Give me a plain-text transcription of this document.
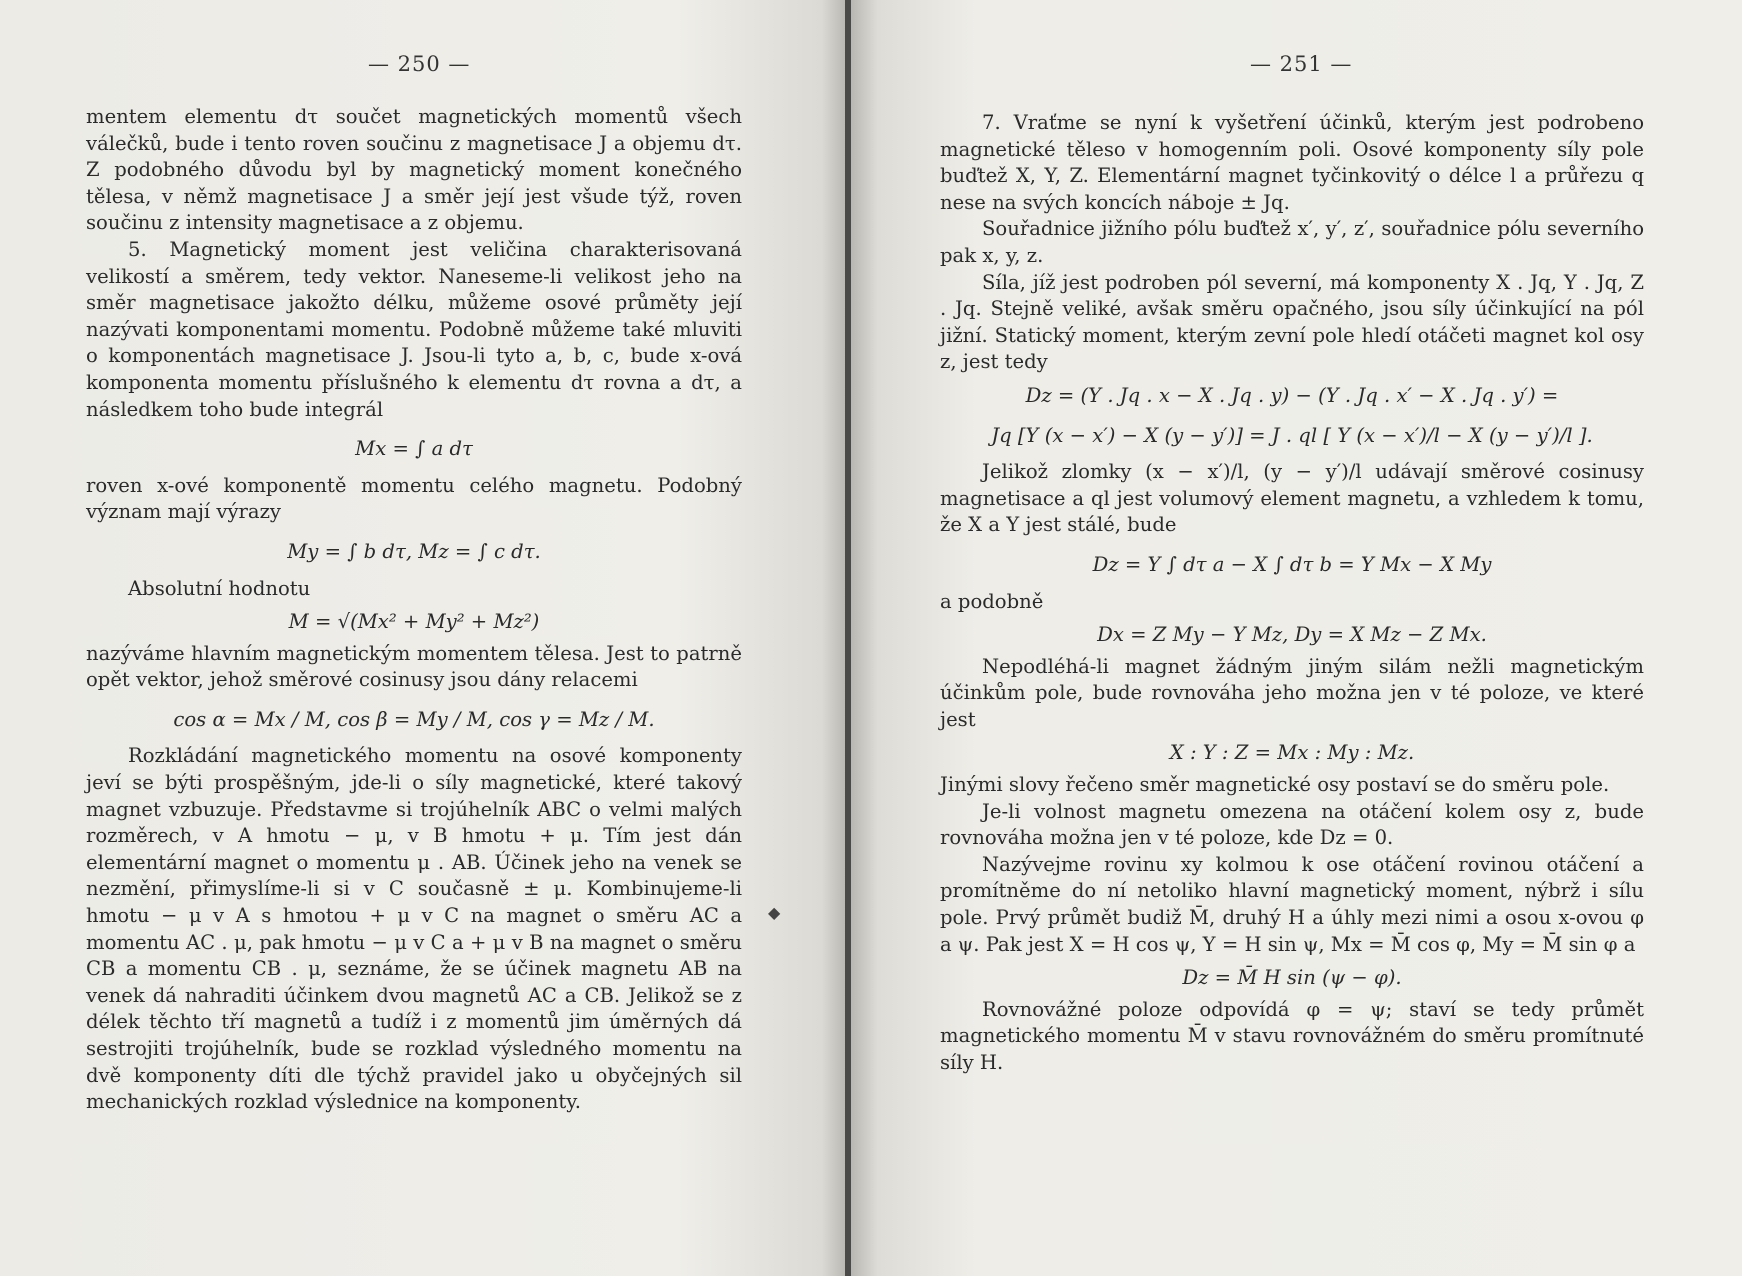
— 250 —

mentem elementu dτ součet magnetických momentů všech válečků, bude i tento roven součinu z magnetisace J a objemu dτ. Z podobného důvodu byl by magnetický moment konečného tělesa, v němž magnetisace J a směr její jest všude týž, roven součinu z intensity magnetisace a z objemu.

5. Magnetický moment jest veličina charakterisovaná velikostí a směrem, tedy vektor. Naneseme-li velikost jeho na směr magnetisace jakožto délku, můžeme osové průměty její nazývati komponentami momentu. Podobně můžeme také mluviti o komponentách magnetisace J. Jsou-li tyto a, b, c, bude x-ová komponenta momentu příslušného k elementu dτ rovna a dτ, a následkem toho bude integrál

Mx = ∫ a dτ

roven x-ové komponentě momentu celého magnetu. Podobný význam mají výrazy

My = ∫ b dτ, Mz = ∫ c dτ.

Absolutní hodnotu

M = √(Mx² + My² + Mz²)

nazýváme hlavním magnetickým momentem tělesa. Jest to patrně opět vektor, jehož směrové cosinusy jsou dány relacemi

cos α = Mx / M, cos β = My / M, cos γ = Mz / M.

Rozkládání magnetického momentu na osové komponenty jeví se býti prospěšným, jde-li o síly magnetické, které takový magnet vzbuzuje. Představme si trojúhelník ABC o velmi malých rozměrech, v A hmotu − μ, v B hmotu + μ. Tím jest dán elementární magnet o momentu μ . AB. Účinek jeho na venek se nezmění, přimyslíme-li si v C současně ± μ. Kombinujeme-li hmotu − μ v A s hmotou + μ v C na magnet o směru AC a momentu AC . μ, pak hmotu − μ v C a + μ v B na magnet o směru CB a momentu CB . μ, seznáme, že se účinek magnetu AB na venek dá nahraditi účinkem dvou magnetů AC a CB. Jelikož se z délek těchto tří magnetů a tudíž i z momentů jim úměrných dá sestrojiti trojúhelník, bude se rozklad výsledného momentu na dvě komponenty díti dle týchž pravidel jako u obyčejných sil mechanických rozklad výslednice na komponenty.

◆
— 251 —

7. Vraťme se nyní k vyšetření účinků, kterým jest podrobeno magnetické těleso v homogenním poli. Osové komponenty síly pole buďtež X, Y, Z. Elementární magnet tyčinkovitý o délce l a průřezu q nese na svých koncích náboje ± Jq.

Souřadnice jižního pólu buďtež x′, y′, z′, souřadnice pólu severního pak x, y, z.

Síla, jíž jest podroben pól severní, má komponenty X . Jq, Y . Jq, Z . Jq. Stejně veliké, avšak směru opačného, jsou síly účinkující na pól jižní. Statický moment, kterým zevní pole hledí otáčeti magnet kol osy z, jest tedy

Dz = (Y . Jq . x − X . Jq . y) − (Y . Jq . x′ − X . Jq . y′) =

Jq [Y (x − x′) − X (y − y′)] = J . ql [ Y (x − x′)/l − X (y − y′)/l ].

Jelikož zlomky (x − x′)/l, (y − y′)/l udávají směrové cosinusy magnetisace a ql jest volumový element magnetu, a vzhledem k tomu, že X a Y jest stálé, bude

Dz = Y ∫ dτ a − X ∫ dτ b = Y Mx − X My

a podobně

Dx = Z My − Y Mz, Dy = X Mz − Z Mx.

Nepodléhá-li magnet žádným jiným silám nežli magnetickým účinkům pole, bude rovnováha jeho možna jen v té poloze, ve které jest

X : Y : Z = Mx : My : Mz.

Jinými slovy řečeno směr magnetické osy postaví se do směru pole.

Je-li volnost magnetu omezena na otáčení kolem osy z, bude rovnováha možna jen v té poloze, kde Dz = 0.

Nazývejme rovinu xy kolmou k ose otáčení rovinou otáčení a promítněme do ní netoliko hlavní magnetický moment, nýbrž i sílu pole. Prvý průmět budiž M̄, druhý H a úhly mezi nimi a osou x-ovou φ a ψ. Pak jest X = H cos ψ, Y = H sin ψ, Mx = M̄ cos φ, My = M̄ sin φ a

Dz = M̄ H sin (ψ − φ).

Rovnovážné poloze odpovídá φ = ψ; staví se tedy průmět magnetického momentu M̄ v stavu rovnovážném do směru promítnuté síly H.
